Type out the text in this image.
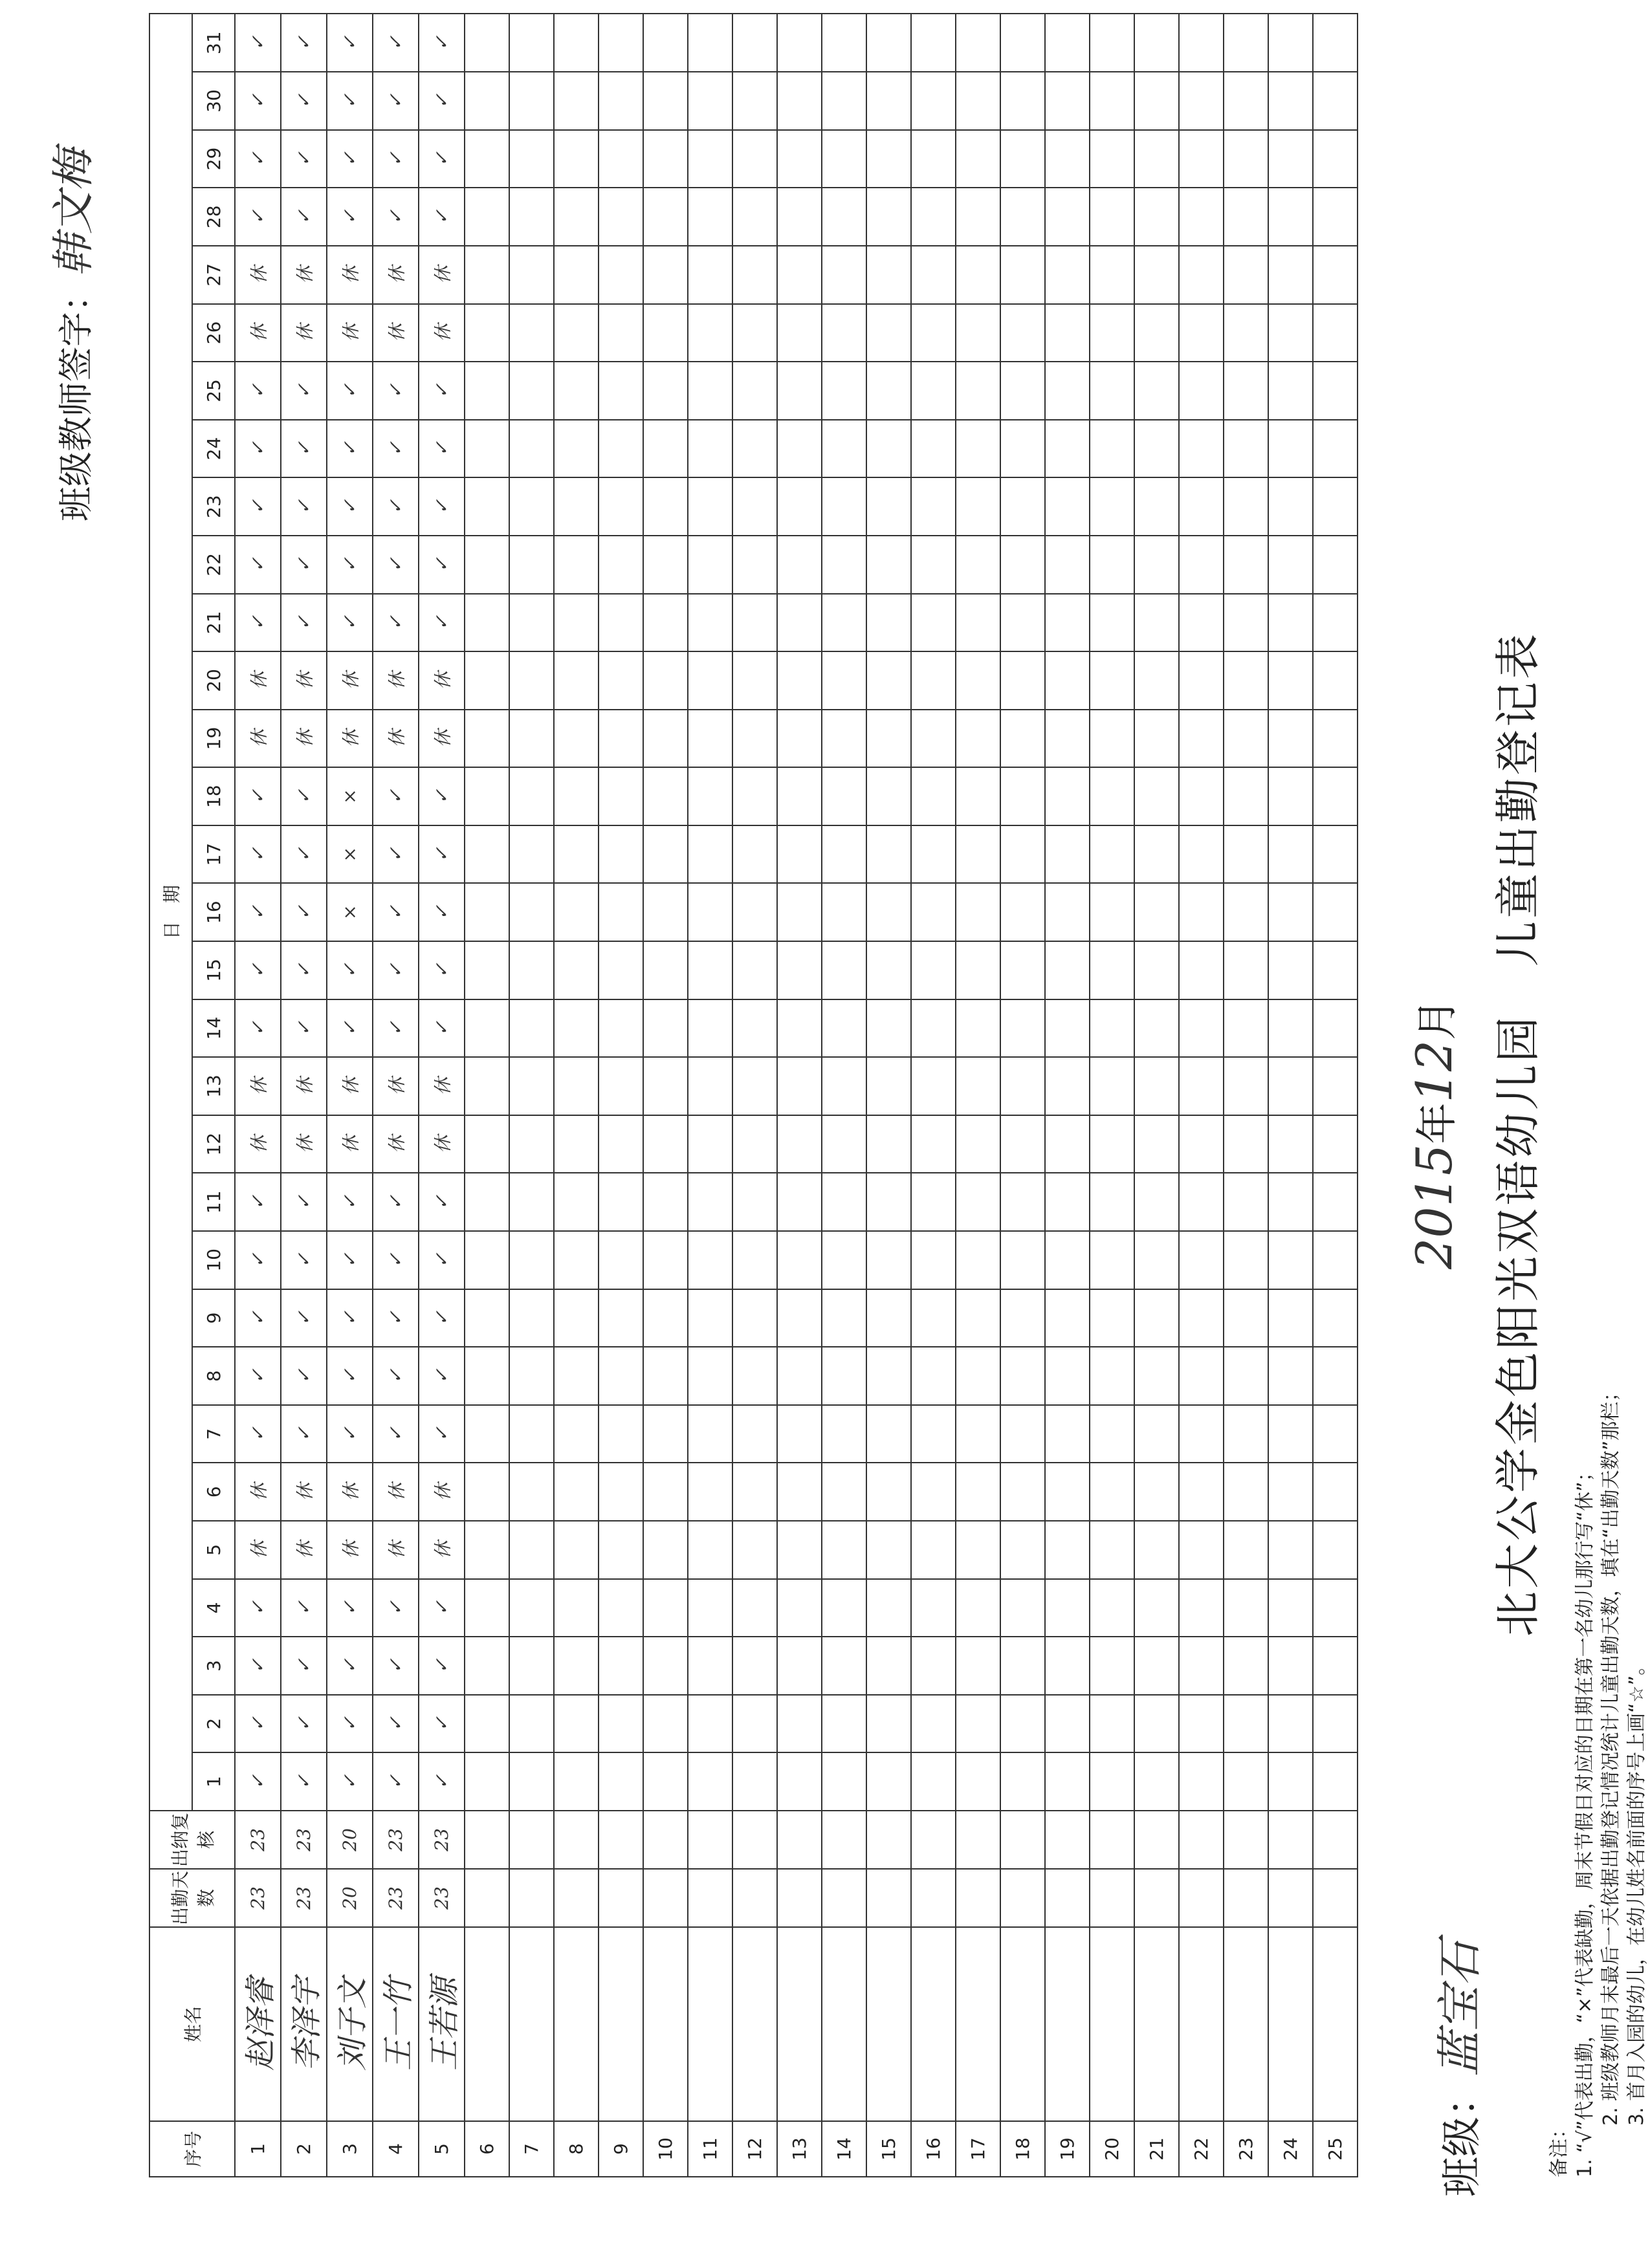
北大公学金色阳光双语幼儿园　儿童出勤登记表
2015年12月
班级：蓝宝石
班级教师签字：韩文梅
序号	姓名	出勤天数	出纳复核	日　期																														
				1	2	3	4	5	6	7	8	9	10	11	12	13	14	15	16	17	18	19	20	21	22	23	24	25	26	27	28	29	30	31
1	赵泽睿	23	23	✓	✓	✓	✓	休	休	✓	✓	✓	✓	✓	休	休	✓	✓	✓	✓	✓	休	休	✓	✓	✓	✓	✓	休	休	✓	✓	✓	✓
2	李泽宇	23	23	✓	✓	✓	✓	休	休	✓	✓	✓	✓	✓	休	休	✓	✓	✓	✓	✓	休	休	✓	✓	✓	✓	✓	休	休	✓	✓	✓	✓
3	刘子文	20	20	✓	✓	✓	✓	休	休	✓	✓	✓	✓	✓	休	休	✓	✓	×	×	×	休	休	✓	✓	✓	✓	✓	休	休	✓	✓	✓	✓
4	王一竹	23	23	✓	✓	✓	✓	休	休	✓	✓	✓	✓	✓	休	休	✓	✓	✓	✓	✓	休	休	✓	✓	✓	✓	✓	休	休	✓	✓	✓	✓
5	王若源	23	23	✓	✓	✓	✓	休	休	✓	✓	✓	✓	✓	休	休	✓	✓	✓	✓	✓	休	休	✓	✓	✓	✓	✓	休	休	✓	✓	✓	✓
6																																		
7																																		
8																																		
9																																		
10																																		
11																																		
12																																		
13																																		
14																																		
15																																		
16																																		
17																																		
18																																		
19																																		
20																																		
21																																		
22																																		
23																																		
24																																		
25																																			备注： 1. “√”代表出勤，“×”代表缺勤，周末节假日对应的日期在第一名幼儿那行写“休”； 2. 班级教师月末最后一天依据出勤登记情况统计儿童出勤天数，填在“出勤天数”那栏； 3. 首月入园的幼儿，在幼儿姓名前面的序号上画“☆”。
